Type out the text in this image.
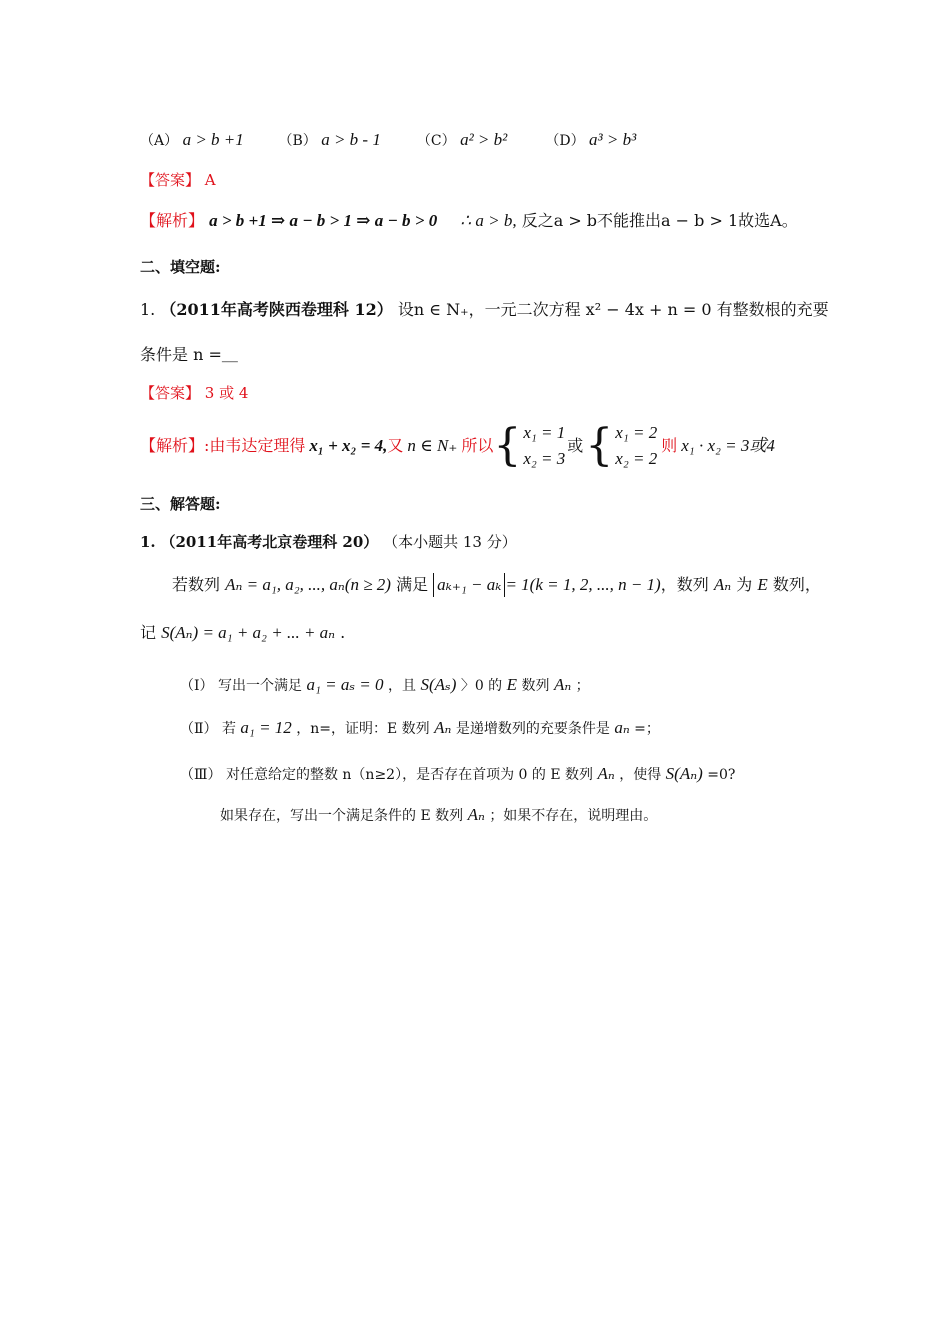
（A） a > b +1 （B） a > b - 1	（C） a² > b²	（D） a³ > b³
【答案】 A
【解析】 a > b +1 ⇒ a − b > 1 ⇒ a − b > 0 ∴ a > b, 反之a > b不能推出a − b > 1故选A。
二、填空题:
1. （2011年高考陕西卷理科 12） 设n ∈ N₊，一元二次方程 x² − 4x + n = 0 有整数根的充要
条件是 n =＿
【答案】 3 或 4
【解析】: 由韦达定理得 x₁ + x₂ = 4, 又 n ∈ N₊ 所以 { x₁ = 1
x₂ = 3
或 { x₁ = 2
x₂ = 2
则 x₁ · x₂ = 3或4
三、解答题:
1. （2011年高考北京卷理科 20） （本小题共 13 分）
若数列 Aₙ = a₁, a₂, ..., aₙ(n ≥ 2) 满足 aₖ₊₁ − aₖ = 1(k = 1, 2, ..., n − 1)，数列 Aₙ 为 E 数列，
记 S(Aₙ) = a₁ + a₂ + ... + aₙ .
（Ⅰ） 写出一个满足 a₁ = aₛ = 0 ，且 S(Aₛ) 〉0 的 E 数列 Aₙ ；
（Ⅱ） 若 a₁ = 12 ，n=，证明：E 数列 Aₙ 是递增数列的充要条件是 aₙ =；
（Ⅲ） 对任意给定的整数 n（n≥2），是否存在首项为 0 的 E 数列 Aₙ ，使得 S(Aₙ) =0?
如果存在，写出一个满足条件的 E 数列 Aₙ ；如果不存在，说明理由。
